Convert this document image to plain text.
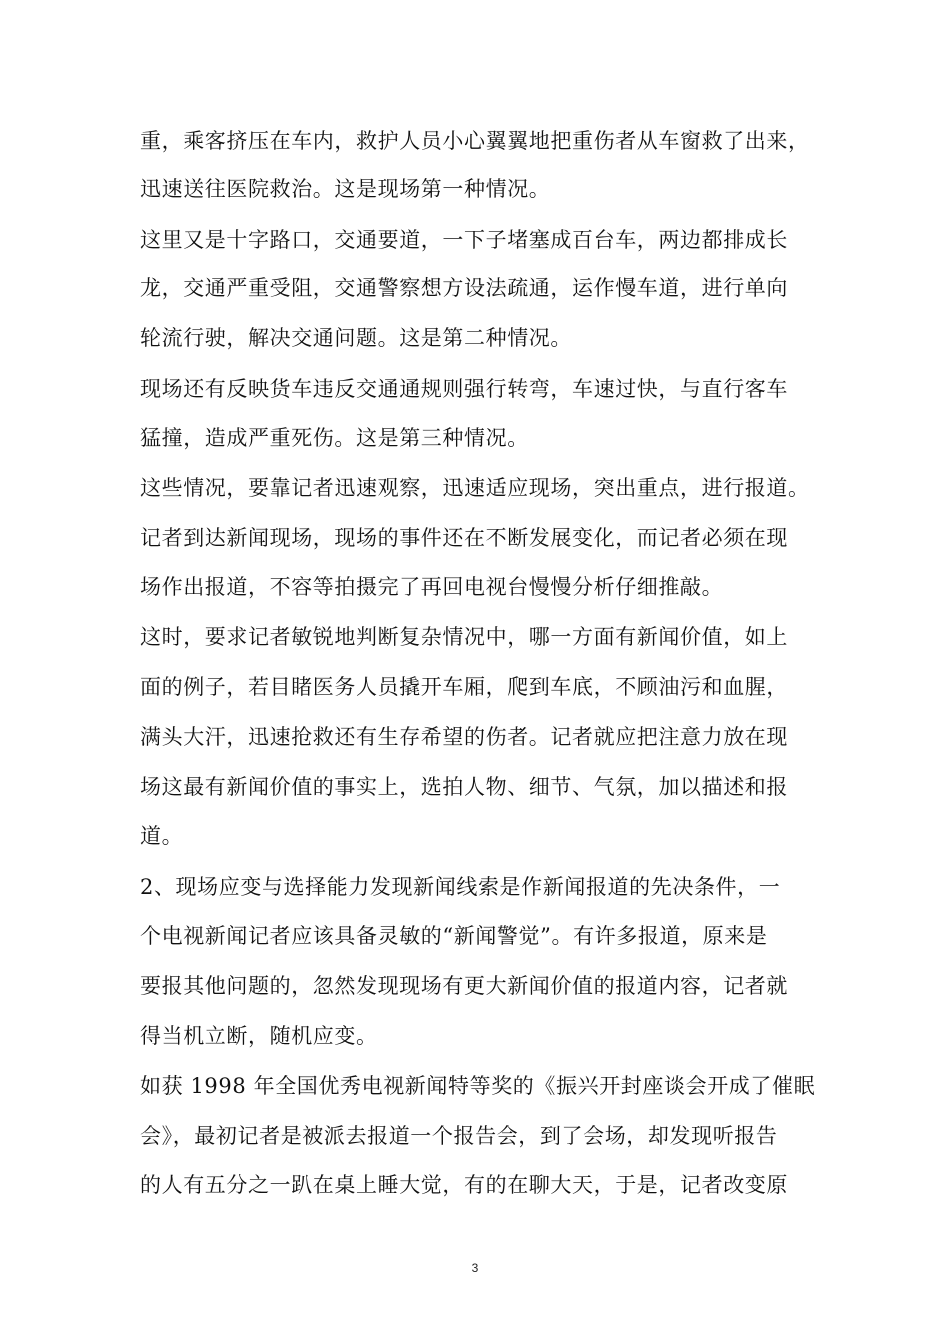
重，乘客挤压在车内，救护人员小心翼翼地把重伤者从车窗救了出来，
迅速送往医院救治。这是现场第一种情况。
这里又是十字路口，交通要道，一下子堵塞成百台车，两边都排成长
龙，交通严重受阻，交通警察想方设法疏通，运作慢车道，进行单向
轮流行驶，解决交通问题。这是第二种情况。
现场还有反映货车违反交通通规则强行转弯，车速过快，与直行客车
猛撞，造成严重死伤。这是第三种情况。
这些情况，要靠记者迅速观察，迅速适应现场，突出重点，进行报道。
记者到达新闻现场，现场的事件还在不断发展变化，而记者必须在现
场作出报道，不容等拍摄完了再回电视台慢慢分析仔细推敲。
这时，要求记者敏锐地判断复杂情况中，哪一方面有新闻价值，如上
面的例子，若目睹医务人员撬开车厢，爬到车底，不顾油污和血腥，
满头大汗，迅速抢救还有生存希望的伤者。记者就应把注意力放在现
场这最有新闻价值的事实上，选拍人物、细节、气氛，加以描述和报
道。
2、现场应变与选择能力发现新闻线索是作新闻报道的先决条件，一
个电视新闻记者应该具备灵敏的“新闻警觉”。有许多报道，原来是
要报其他问题的，忽然发现现场有更大新闻价值的报道内容，记者就
得当机立断，随机应变。
如获 1998 年全国优秀电视新闻特等奖的《振兴开封座谈会开成了催眠
会》，最初记者是被派去报道一个报告会，到了会场，却发现听报告
的人有五分之一趴在桌上睡大觉，有的在聊大天，于是，记者改变原
3
